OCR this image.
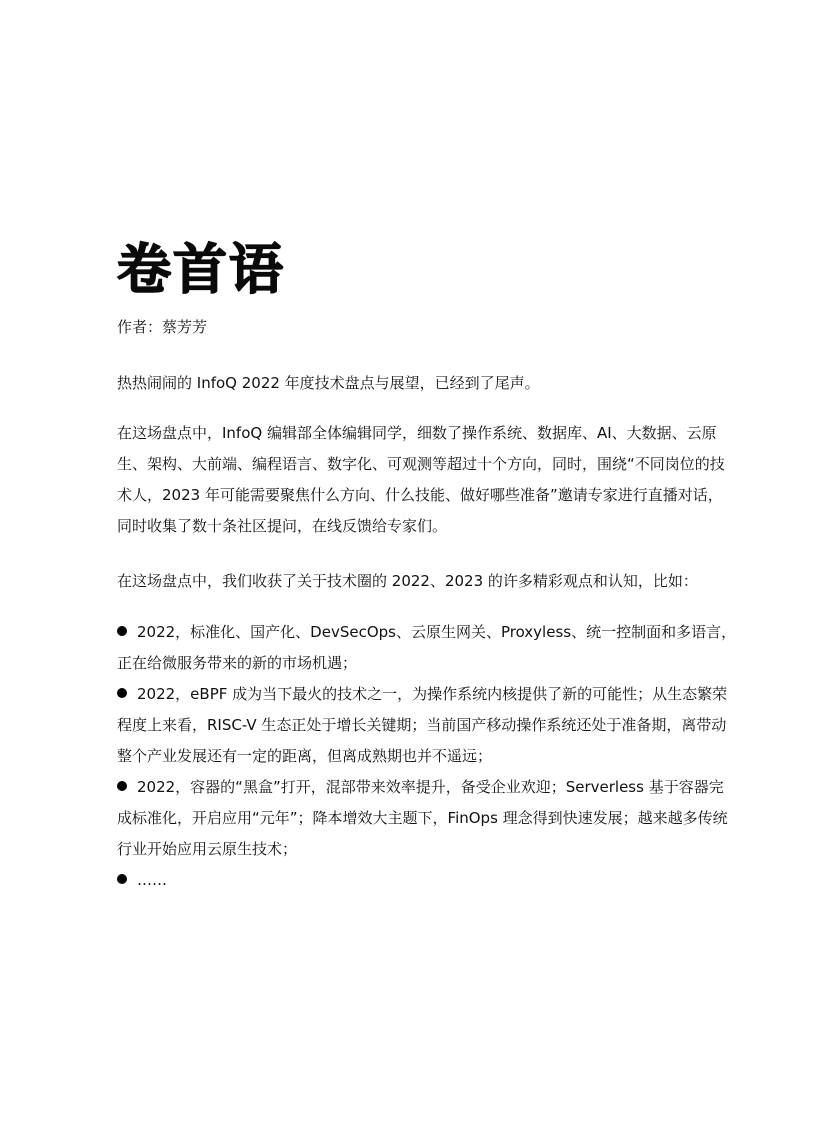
卷首语
作者：蔡芳芳

热热闹闹的 InfoQ 2022 年度技术盘点与展望，已经到了尾声。

在这场盘点中，InfoQ 编辑部全体编辑同学，细数了操作系统、数据库、AI、大数据、云原生、架构、大前端、编程语言、数字化、可观测等超过十个方向，同时，围绕“不同岗位的技术人，2023 年可能需要聚焦什么方向、什么技能、做好哪些准备”邀请专家进行直播对话，同时收集了数十条社区提问，在线反馈给专家们。

在这场盘点中，我们收获了关于技术圈的 2022、2023 的许多精彩观点和认知，比如：

2022，标准化、国产化、DevSecOps、云原生网关、Proxyless、统一控制面和多语言，正在给微服务带来的新的市场机遇；
2022，eBPF 成为当下最火的技术之一，为操作系统内核提供了新的可能性；从生态繁荣程度上来看，RISC-V 生态正处于增长关键期；当前国产移动操作系统还处于准备期，离带动整个产业发展还有一定的距离，但离成熟期也并不遥远；
2022，容器的“黑盒”打开，混部带来效率提升，备受企业欢迎；Serverless 基于容器完成标准化，开启应用“元年”；降本增效大主题下，FinOps 理念得到快速发展；越来越多传统行业开始应用云原生技术；
……
